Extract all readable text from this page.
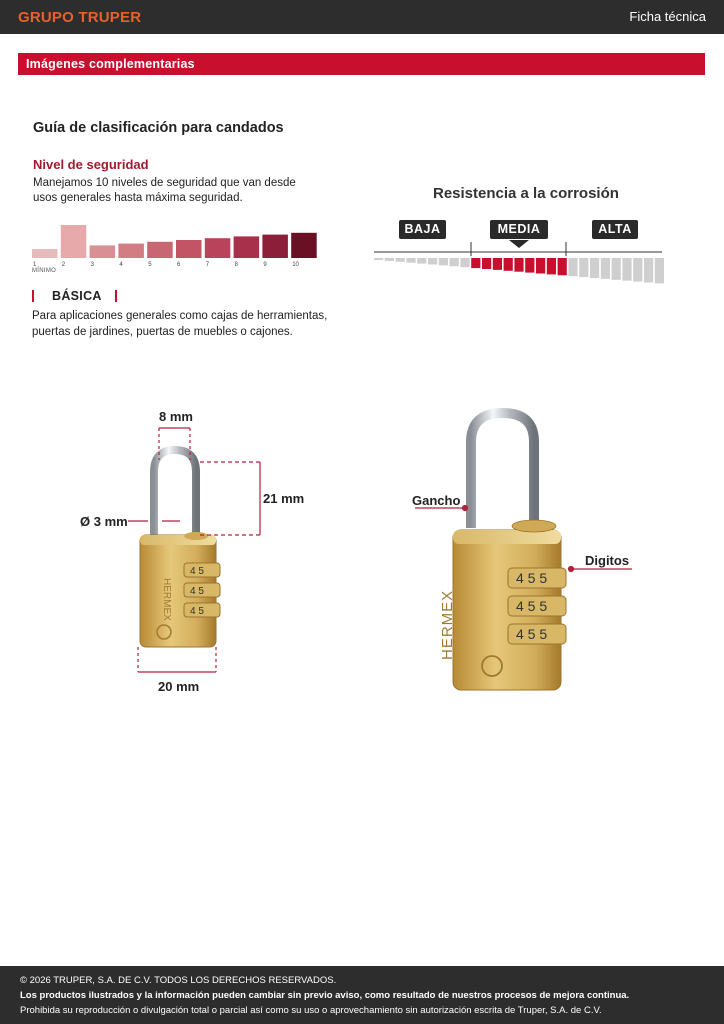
GRUPO TRUPER	Ficha técnica
Imágenes complementarias
Guía de clasificación para candados
Nivel de seguridad
Manejamos 10 niveles de seguridad que van desde usos generales hasta máxima seguridad.
1	2	3	4	5	6	7	8	9	10
MÍNIMO
BÁSICA
Para aplicaciones generales como cajas de herramientas, puertas de jardines, puertas de muebles o cajones.
Resistencia a la corrosión
BAJA	MEDIA	ALTA
HERMEX
4 5
4 5
4 5	HERMEX
4 5 5
4 5 5
4 5 5
8 mm
Ø 3 mm
21 mm
20 mm
Gancho
Digitos
© 2026 TRUPER, S.A. DE C.V. TODOS LOS DERECHOS RESERVADOS.
Los productos ilustrados y la información pueden cambiar sin previo aviso, como resultado de nuestros procesos de mejora continua.
Prohibida su reproducción o divulgación total o parcial así como su uso o aprovechamiento sin autorización escrita de Truper, S.A. de C.V.
